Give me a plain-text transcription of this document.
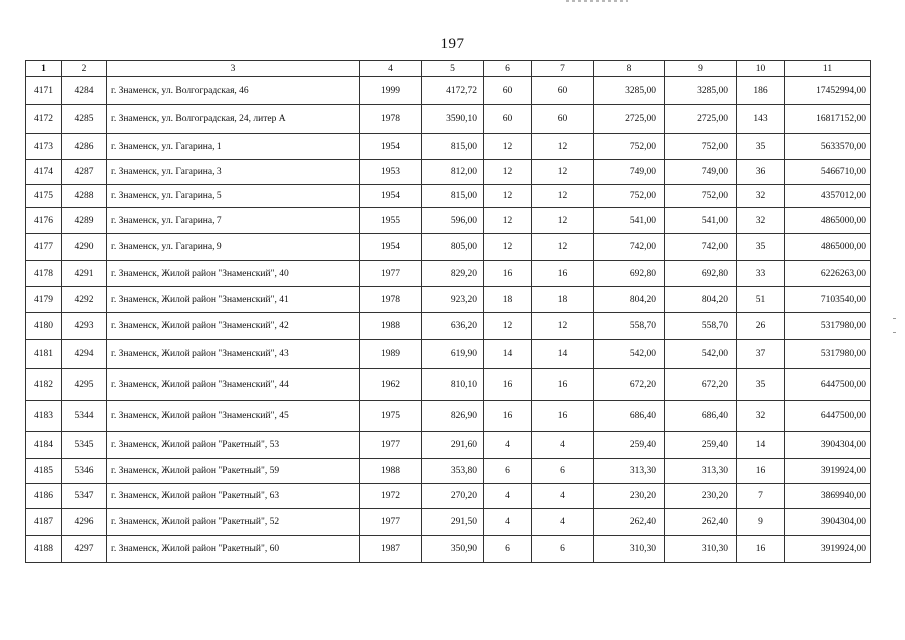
197
1	2	3	4	5	6	7	8	9	10	11
4171	4284	г. Знаменск, ул. Волгоградская, 46	1999	4172,72	60	60	3285,00	3285,00	186	17452994,00
4172	4285	г. Знаменск, ул. Волгоградская, 24, литер А	1978	3590,10	60	60	2725,00	2725,00	143	16817152,00
4173	4286	г. Знаменск, ул. Гагарина, 1	1954	815,00	12	12	752,00	752,00	35	5633570,00
4174	4287	г. Знаменск, ул. Гагарина, 3	1953	812,00	12	12	749,00	749,00	36	5466710,00
4175	4288	г. Знаменск, ул. Гагарина, 5	1954	815,00	12	12	752,00	752,00	32	4357012,00
4176	4289	г. Знаменск, ул. Гагарина, 7	1955	596,00	12	12	541,00	541,00	32	4865000,00
4177	4290	г. Знаменск, ул. Гагарина, 9	1954	805,00	12	12	742,00	742,00	35	4865000,00
4178	4291	г. Знаменск, Жилой район "Знаменский", 40	1977	829,20	16	16	692,80	692,80	33	6226263,00
4179	4292	г. Знаменск, Жилой район "Знаменский", 41	1978	923,20	18	18	804,20	804,20	51	7103540,00
4180	4293	г. Знаменск, Жилой район "Знаменский", 42	1988	636,20	12	12	558,70	558,70	26	5317980,00
4181	4294	г. Знаменск, Жилой район "Знаменский", 43	1989	619,90	14	14	542,00	542,00	37	5317980,00
4182	4295	г. Знаменск, Жилой район "Знаменский", 44	1962	810,10	16	16	672,20	672,20	35	6447500,00
4183	5344	г. Знаменск, Жилой район "Знаменский", 45	1975	826,90	16	16	686,40	686,40	32	6447500,00
4184	5345	г. Знаменск, Жилой район "Ракетный", 53	1977	291,60	4	4	259,40	259,40	14	3904304,00
4185	5346	г. Знаменск, Жилой район "Ракетный", 59	1988	353,80	6	6	313,30	313,30	16	3919924,00
4186	5347	г. Знаменск, Жилой район "Ракетный", 63	1972	270,20	4	4	230,20	230,20	7	3869940,00
4187	4296	г. Знаменск, Жилой район "Ракетный", 52	1977	291,50	4	4	262,40	262,40	9	3904304,00
4188	4297	г. Знаменск, Жилой район "Ракетный", 60	1987	350,90	6	6	310,30	310,30	16	3919924,00
